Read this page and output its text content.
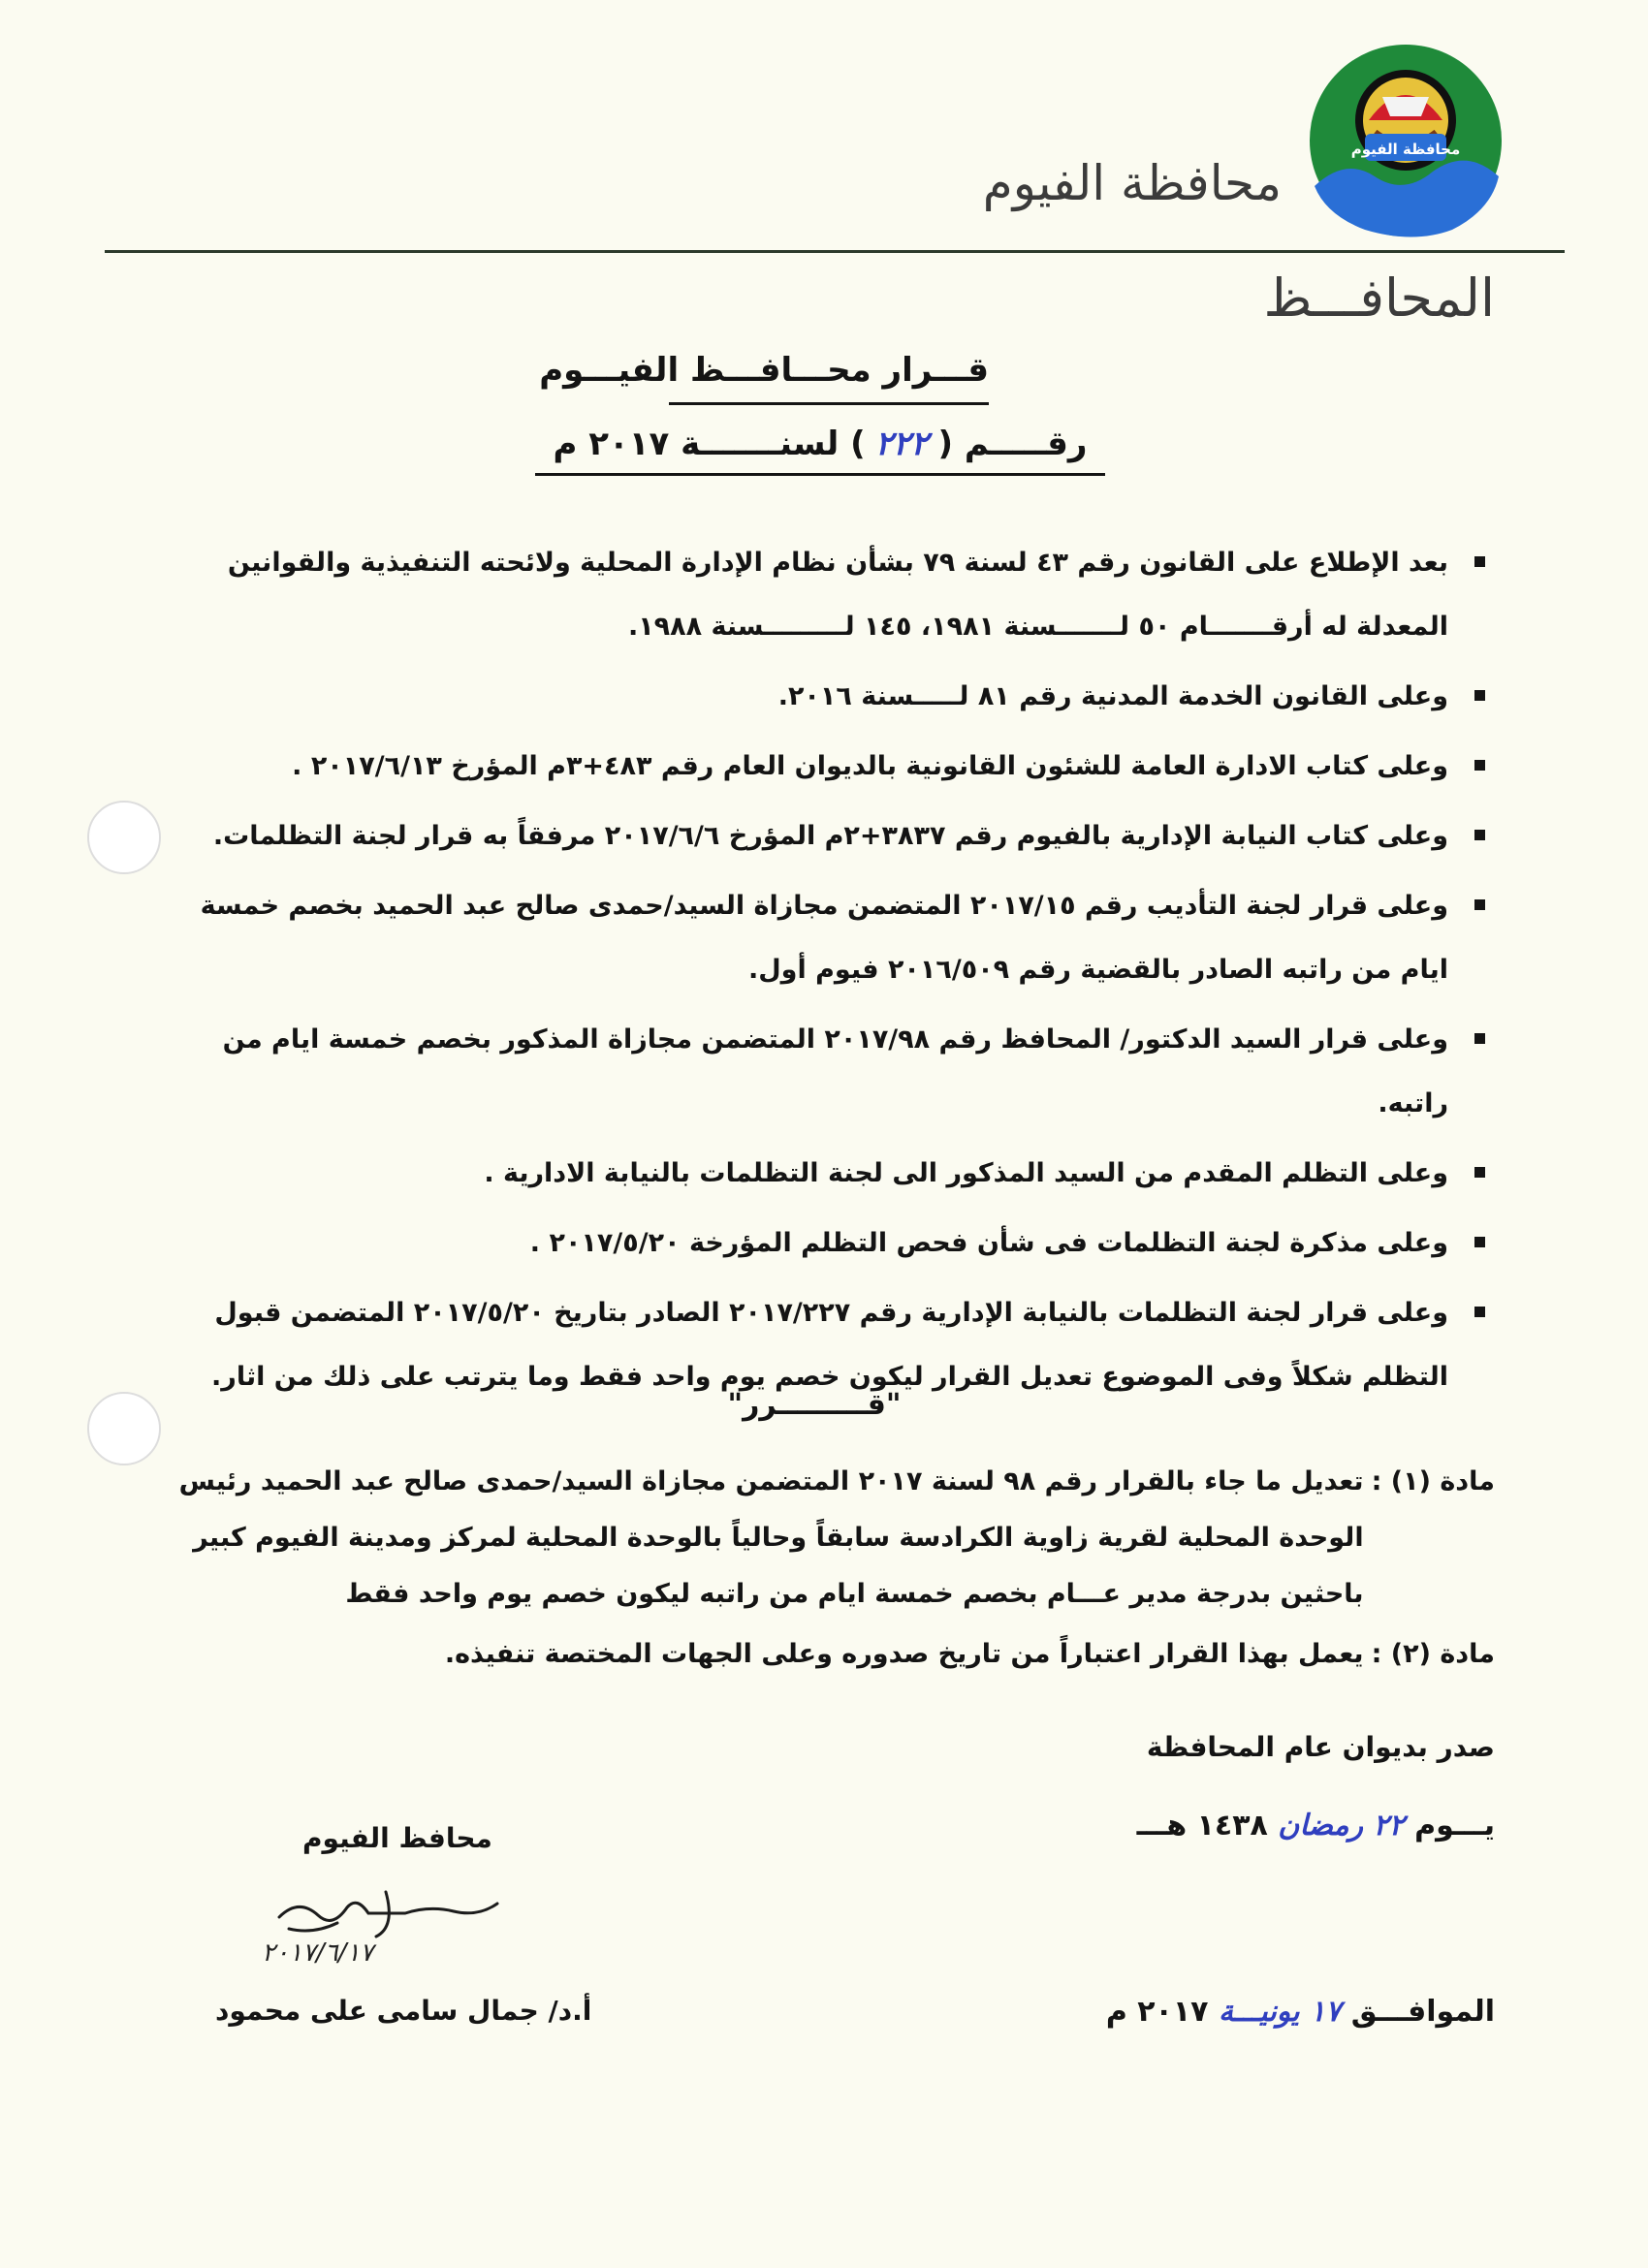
محافظة الفيوم
محافظة الفيوم
المحافـــظ
قـــرار محـــافـــظ الفيـــوم
رقـــــم (
٢٢٢
) لسنـــــــة ٢٠١٧ م
بعد الإطلاع على القانون رقم ٤٣ لسنة ٧٩ بشأن نظام الإدارة المحلية ولائحته التنفيذية والقوانين المعدلة له أرقـــــــام ٥٠ لـــــــسنة ١٩٨١، ١٤٥ لـــــــــسنة ١٩٨٨.
وعلى القانون الخدمة المدنية رقم ٨١ لـــــسنة ٢٠١٦.
وعلى كتاب الادارة العامة للشئون القانونية بالديوان العام رقم ٤٨٣+٣م المؤرخ ٢٠١٧/٦/١٣ .
وعلى كتاب النيابة الإدارية بالفيوم رقم ٣٨٣٧+٢م المؤرخ ٢٠١٧/٦/٦ مرفقاً به قرار لجنة التظلمات.
وعلى قرار لجنة التأديب رقم ٢٠١٧/١٥ المتضمن مجازاة السيد/حمدى صالح عبد الحميد بخصم خمسة ايام من راتبه الصادر بالقضية رقم ٢٠١٦/٥٠٩ فيوم أول.
وعلى قرار السيد الدكتور/ المحافظ رقم ٢٠١٧/٩٨ المتضمن مجازاة المذكور بخصم خمسة ايام من راتبه.
وعلى التظلم المقدم من السيد المذكور الى لجنة التظلمات بالنيابة الادارية .
وعلى مذكرة لجنة التظلمات فى شأن فحص التظلم المؤرخة ٢٠١٧/٥/٢٠ .
وعلى قرار لجنة التظلمات بالنيابة الإدارية رقم ٢٠١٧/٢٢٧ الصادر بتاريخ ٢٠١٧/٥/٢٠ المتضمن قبول التظلم شكلاً وفى الموضوع تعديل القرار ليكون خصم يوم واحد فقط وما يترتب على ذلك من اثار.
"قـــــــــرر"
مادة (١) :
تعديل ما جاء بالقرار رقم ٩٨ لسنة ٢٠١٧ المتضمن مجازاة السيد/حمدى صالح عبد الحميد رئيس الوحدة المحلية لقرية زاوية الكرادسة سابقاً وحالياً بالوحدة المحلية لمركز ومدينة الفيوم كبير باحثين بدرجة مدير عـــام بخصم خمسة ايام من راتبه ليكون خصم يوم واحد فقط
مادة (٢) :
يعمل بهذا القرار اعتباراً من تاريخ صدوره وعلى الجهات المختصة تنفيذه.
صدر بديوان عام المحافظة
يـــوم ٢٢ رمضان ١٤٣٨ هـــ
الموافـــق ١٧ يونيـــة ٢٠١٧ م
محافظ الفيوم
٢٠١٧/٦/١٧
أ.د/ جمال سامى على محمود
